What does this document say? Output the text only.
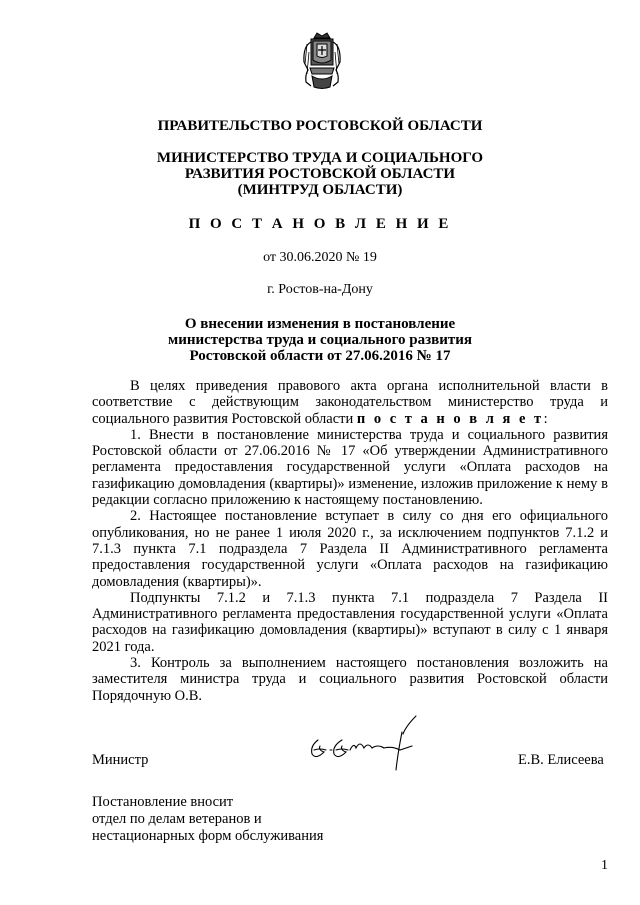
ПРАВИТЕЛЬСТВО РОСТОВСКОЙ ОБЛАСТИ
МИНИСТЕРСТВО ТРУДА И СОЦИАЛЬНОГО
РАЗВИТИЯ РОСТОВСКОЙ ОБЛАСТИ
(МИНТРУД ОБЛАСТИ)
П О С Т А Н О В Л Е Н И Е
от 30.06.2020 № 19
г. Ростов-на-Дону
О внесении изменения в постановление
министерства труда и социального развития
Ростовской области от 27.06.2016 № 17

В целях приведения правового акта органа исполнительной власти в соответствие с действующим законодательством министерство труда и социального развития Ростовской области п о с т а н о в л я е т:

1. Внести в постановление министерства труда и социального развития Ростовской области от 27.06.2016 № 17 «Об утверждении Административного регламента предоставления государственной услуги «Оплата расходов на газификацию домовладения (квартиры)» изменение, изложив приложение к нему в редакции согласно приложению к настоящему постановлению.

2. Настоящее постановление вступает в силу со дня его официального опубликования, но не ранее 1 июля 2020 г., за исключением подпунктов 7.1.2 и 7.1.3 пункта 7.1 подраздела 7 Раздела II Административного регламента предоставления государственной услуги «Оплата расходов на газификацию домовладения (квартиры)».

Подпункты 7.1.2 и 7.1.3 пункта 7.1 подраздела 7 Раздела II Административного регламента предоставления государственной услуги «Оплата расходов на газификацию домовладения (квартиры)» вступают в силу с 1 января 2021 года.

3. Контроль за выполнением настоящего постановления возложить на заместителя министра труда и социального развития Ростовской области Порядочную О.В.

Министр	Е.В. Елисеева
Постановление вносит
отдел по делам ветеранов и
нестационарных форм обслуживания
1
